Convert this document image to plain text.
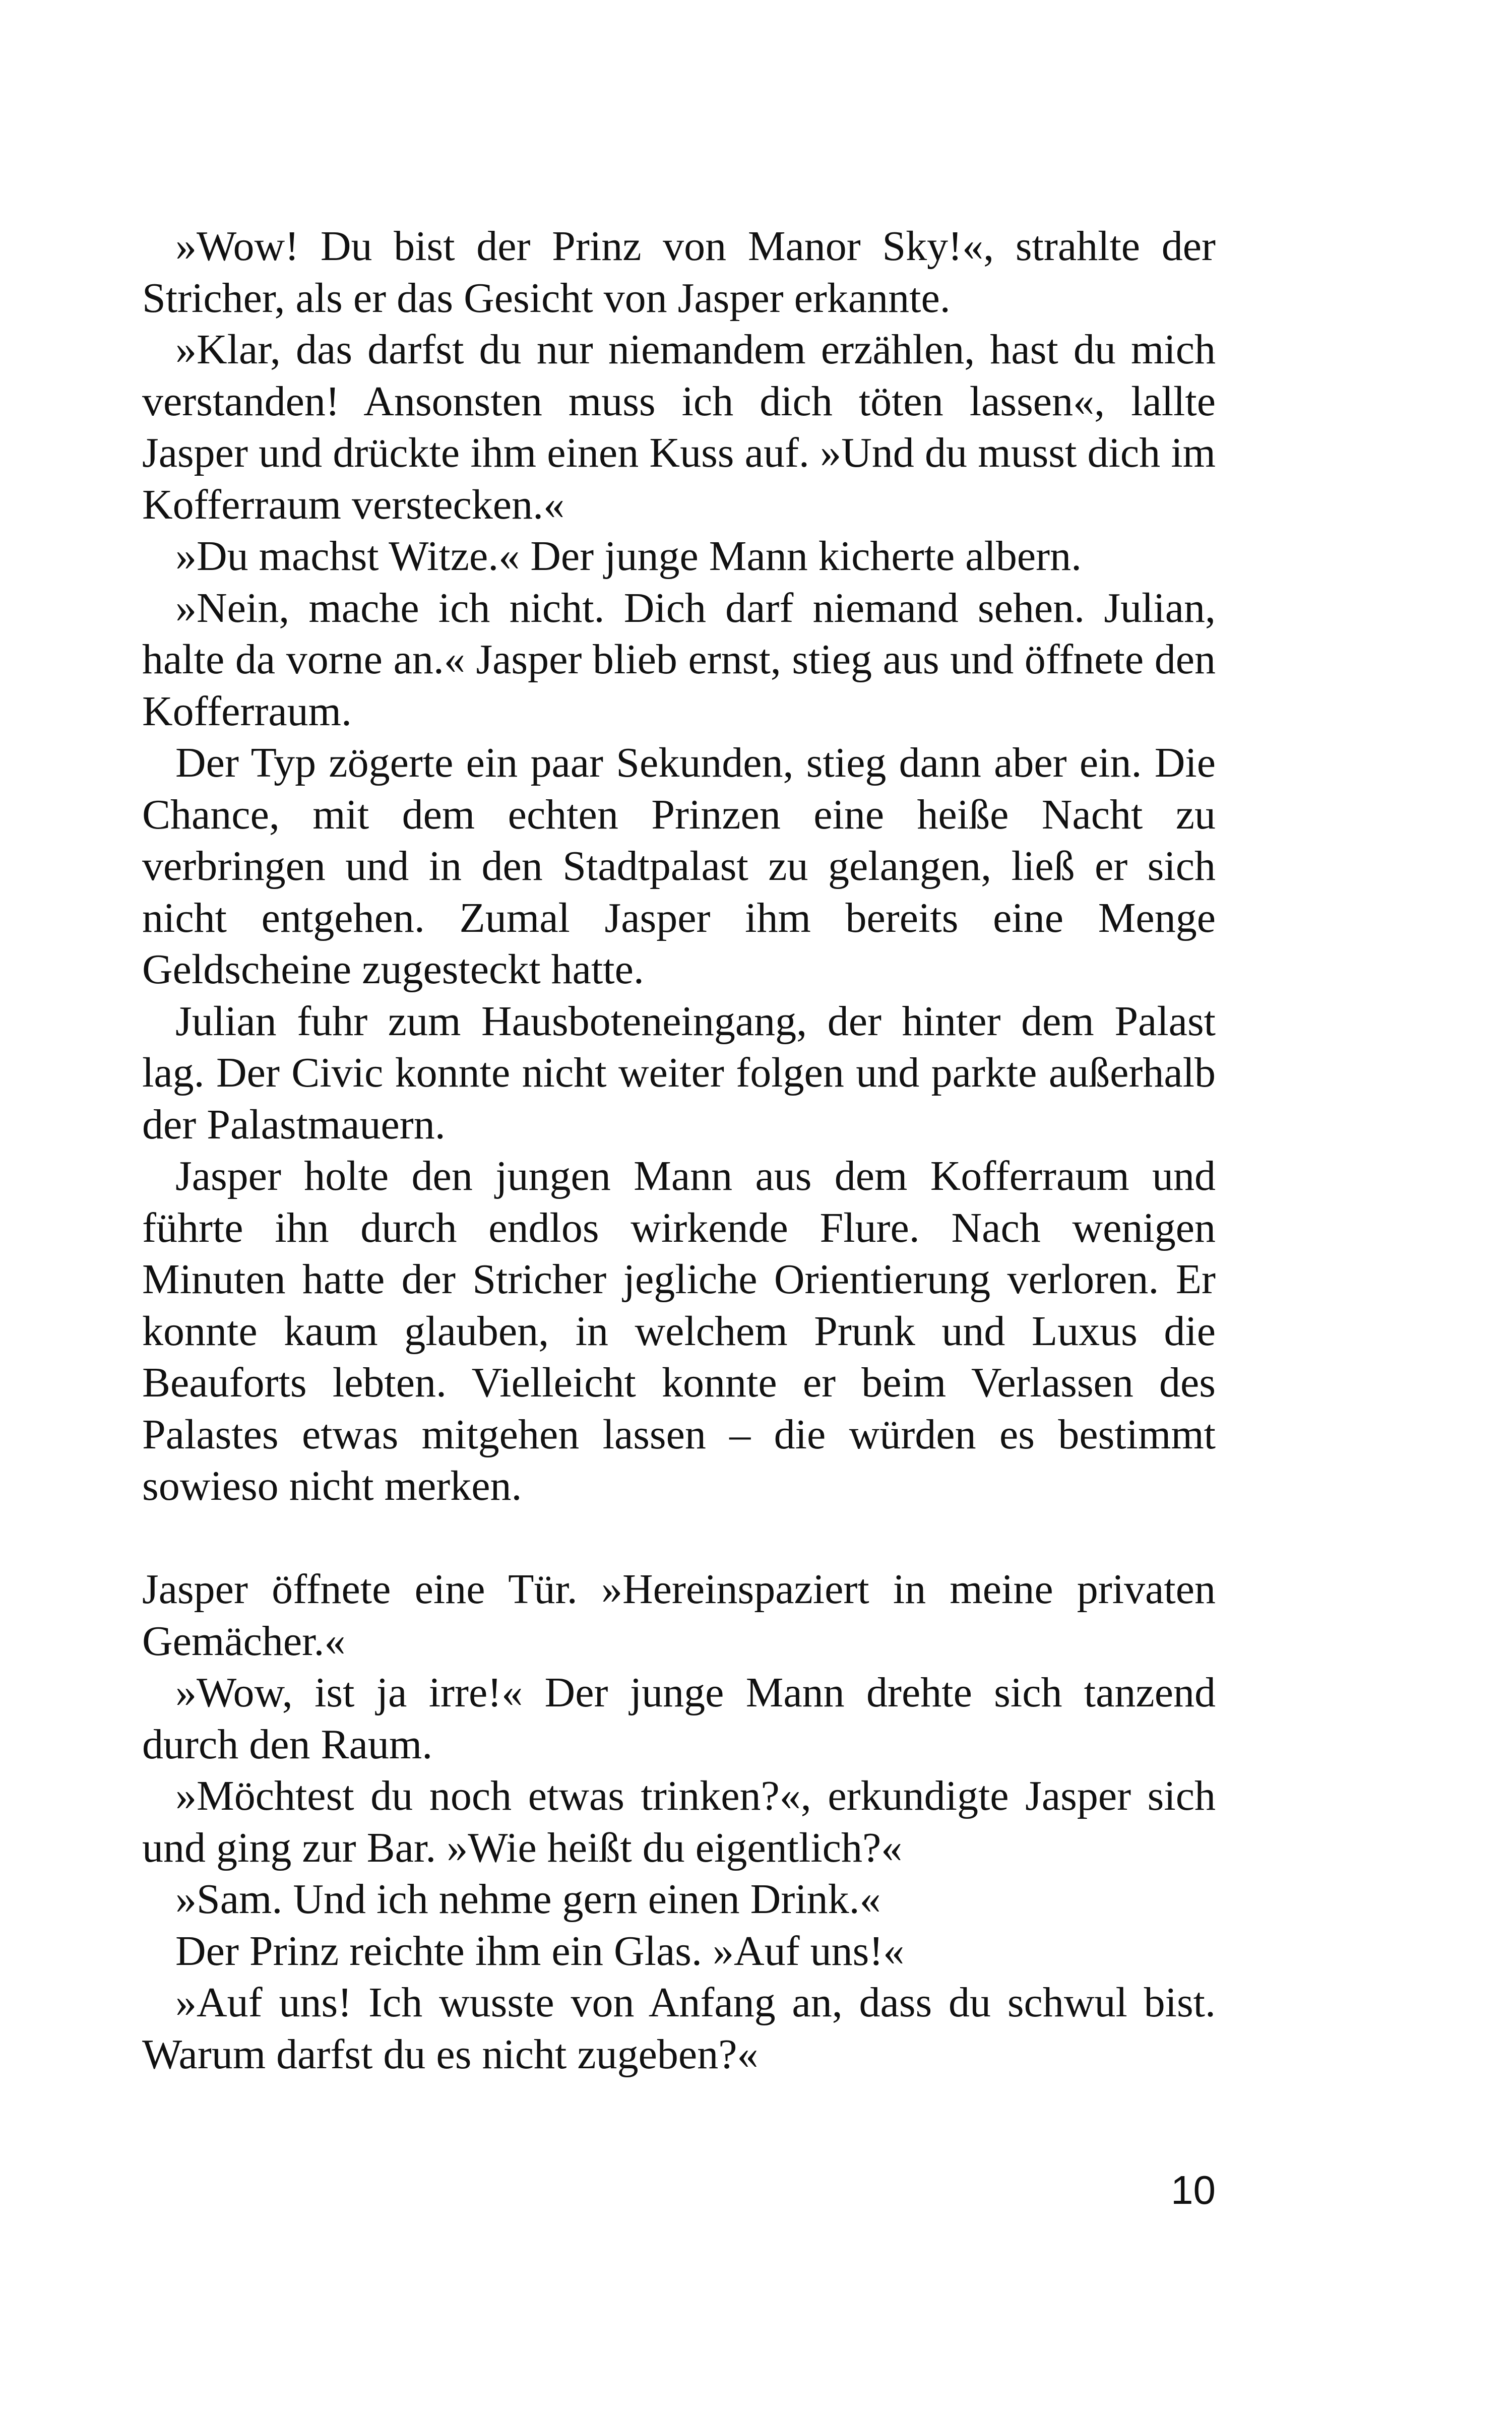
»Wow! Du bist der Prinz von Manor Sky!«, strahlte der Stricher, als er das Gesicht von Jasper erkannte.

»Klar, das darfst du nur niemandem erzählen, hast du mich verstanden! Ansonsten muss ich dich töten lassen«, lallte Jasper und drückte ihm einen Kuss auf. »Und du musst dich im Kofferraum verstecken.«

»Du machst Witze.« Der junge Mann kicherte albern.

»Nein, mache ich nicht. Dich darf niemand sehen. Julian, halte da vorne an.« Jasper blieb ernst, stieg aus und öffnete den Kofferraum.

Der Typ zögerte ein paar Sekunden, stieg dann aber ein. Die Chance, mit dem echten Prinzen eine heiße Nacht zu verbringen und in den Stadtpalast zu gelangen, ließ er sich nicht entgehen. Zumal Jasper ihm bereits eine Menge Geldscheine zugesteckt hatte.

Julian fuhr zum Hausboteneingang, der hinter dem Palast lag. Der Civic konnte nicht weiter folgen und parkte außerhalb der Palastmauern.

Jasper holte den jungen Mann aus dem Kofferraum und führte ihn durch endlos wirkende Flure. Nach wenigen Minuten hatte der Stricher jegliche Orientierung verloren. Er konnte kaum glauben, in welchem Prunk und Luxus die Beauforts lebten. Vielleicht konnte er beim Verlassen des Palastes etwas mitgehen lassen – die würden es bestimmt sowieso nicht merken.

Jasper öffnete eine Tür. »Hereinspaziert in meine privaten Gemächer.«

»Wow, ist ja irre!« Der junge Mann drehte sich tanzend durch den Raum.

»Möchtest du noch etwas trinken?«, erkundigte Jasper sich und ging zur Bar. »Wie heißt du eigentlich?«

»Sam. Und ich nehme gern einen Drink.«

Der Prinz reichte ihm ein Glas. »Auf uns!«

»Auf uns! Ich wusste von Anfang an, dass du schwul bist. Warum darfst du es nicht zugeben?«

10
